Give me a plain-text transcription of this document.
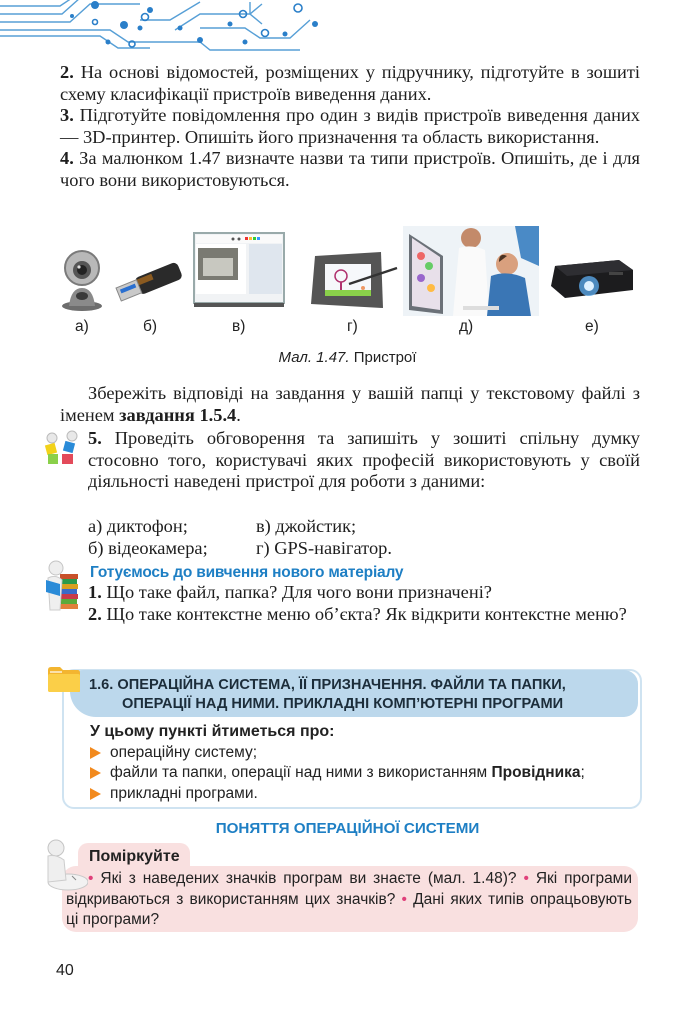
2. На основі відомостей, розміщених у підручнику, підготуйте в зошиті схему класифікації пристроїв виведення даних.

3. Підготуйте повідомлення про один з видів пристроїв виведення даних — 3D-принтер. Опишіть його призначення та область використання.

4. За малюнком 1.47 визначте назви та типи пристроїв. Опишіть, де і для чого вони використовуються.

а)	б)	в)	г)	д)	е)
Мал. 1.47. Пристрої
Збережіть відповіді на завдання у вашій папці у текстовому файлі з іменем завдання 1.5.4.

5. Проведіть обговорення та запишіть у зошиті спільну думку стосовно того, користувачі яких професій використовують у своїй діяльності наведені пристрої для роботи з даними:

а) диктофон;	в) джойстик;
б) відеокамера;	г) GPS-навігатор.
Готуємось до вивчення нового матеріалу

1. Що таке файл, папка? Для чого вони призначені?

2. Що таке контекстне меню об’єкта? Як відкрити контекстне меню?

1.6. ОПЕРАЦІЙНА СИСТЕМА, ЇЇ ПРИЗНАЧЕННЯ. ФАЙЛИ ТА ПАПКИ,
ОПЕРАЦІЇ НАД НИМИ. ПРИКЛАДНІ КОМП’ЮТЕРНІ ПРОГРАМИ
У цьому пункті йтиметься про:
операційну систему;
файли та папки, операції над ними з використанням Провідника;
прикладні програми.
ПОНЯТТЯ ОПЕРАЦІЙНОЇ СИСТЕМИ
Поміркуйте
• Які з наведених значків програм ви знаєте (мал. 1.48)? • Які програми відкриваються з використанням цих значків? • Дані яких типів опрацьовують ці програми?
40
